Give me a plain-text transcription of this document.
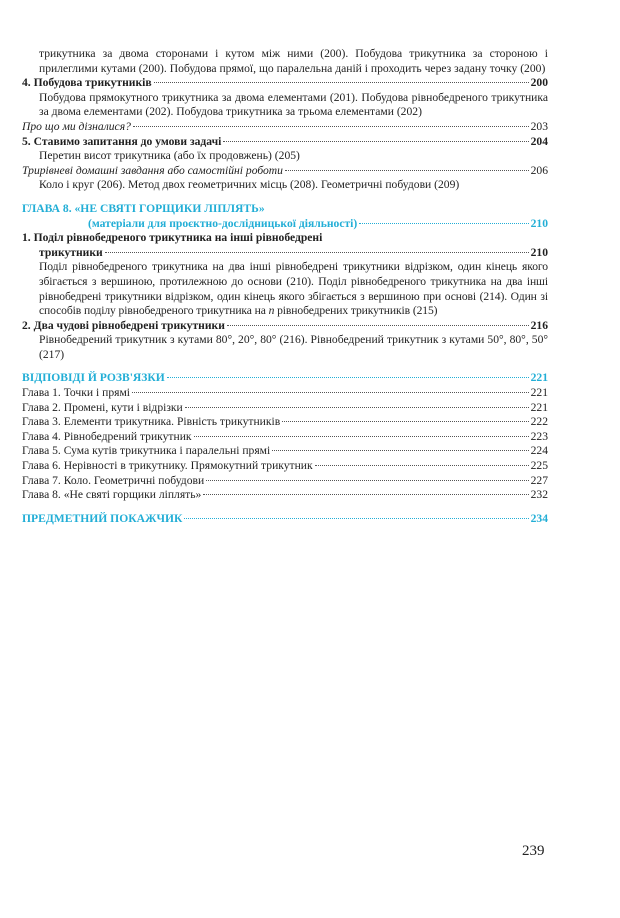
трикутника за двома сторонами і кутом між ними (200). Побудова трикутника за стороною і прилеглими кутами (200). Побудова прямої, що паралельна даній і проходить через задану точку (200)
4. Побудова трикутників	200
Побудова прямокутного трикутника за двома елементами (201). Побудова рівнобедреного трикутника за двома елементами (202). Побудова трикутника за трьома елементами (202)
Про що ми дізналися?	203
5. Ставимо запитання до умови задачі	204
Перетин висот трикутника (або їх продовжень) (205)
Трирівневі домашні завдання або самостійні роботи	206
Коло і круг (206). Метод двох геометричних місць (208). Геометричні побудови (209)
ГЛАВА 8. «НЕ СВЯТІ ГОРЩИКИ ЛІПЛЯТЬ»
(матеріали для проєктно-дослідницької діяльності)	210
1. Поділ рівнобедреного трикутника на інші рівнобедрені
трикутники	210
Поділ рівнобедреного трикутника на два інші рівнобедрені трикутники відрізком, один кінець якого збігається з вершиною, протилежною до основи (210). Поділ рівнобедреного трикутника на два інші рівнобедрені трикутники відрізком, один кінець якого збігається з вершиною при основі (214). Один зі способів поділу рівнобедреного трикутника на n рівнобедрених трикутників (215)
2. Два чудові рівнобедрені трикутники	216
Рівнобедрений трикутник з кутами 80°, 20°, 80° (216). Рівнобедрений трикутник з кутами 50°, 80°, 50° (217)
ВІДПОВІДІ Й РОЗВ'ЯЗКИ	221
Глава 1. Точки і прямі	221
Глава 2. Промені, кути і відрізки	221
Глава 3. Елементи трикутника. Рівність трикутників	222
Глава 4. Рівнобедрений трикутник	223
Глава 5. Сума кутів трикутника і паралельні прямі	224
Глава 6. Нерівності в трикутнику. Прямокутний трикутник	225
Глава 7. Коло. Геометричні побудови	227
Глава 8. «Не святі горщики ліплять»	232
ПРЕДМЕТНИЙ ПОКАЖЧИК	234
239
